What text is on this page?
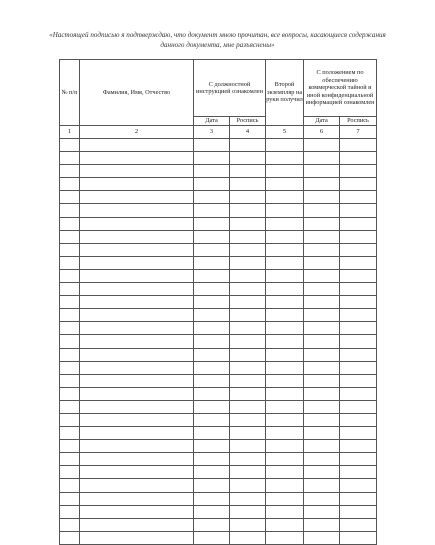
«Настоящей подписью я подтверждаю, что документ мною прочитан, все вопросы, касающиеся содержания данного документа, мне разъяснены»
№ п/п	Фамилия, Имя, Отчество	С должностной инструкцией ознакомлен		Второй экземпляр на руки получил	С положением по обеспечению коммерческой тайной и иной конфиденциальной информацией ознакомлен	
		Дата	Роспись		Дата	Роспись
1	2	3	4	5	6	7
